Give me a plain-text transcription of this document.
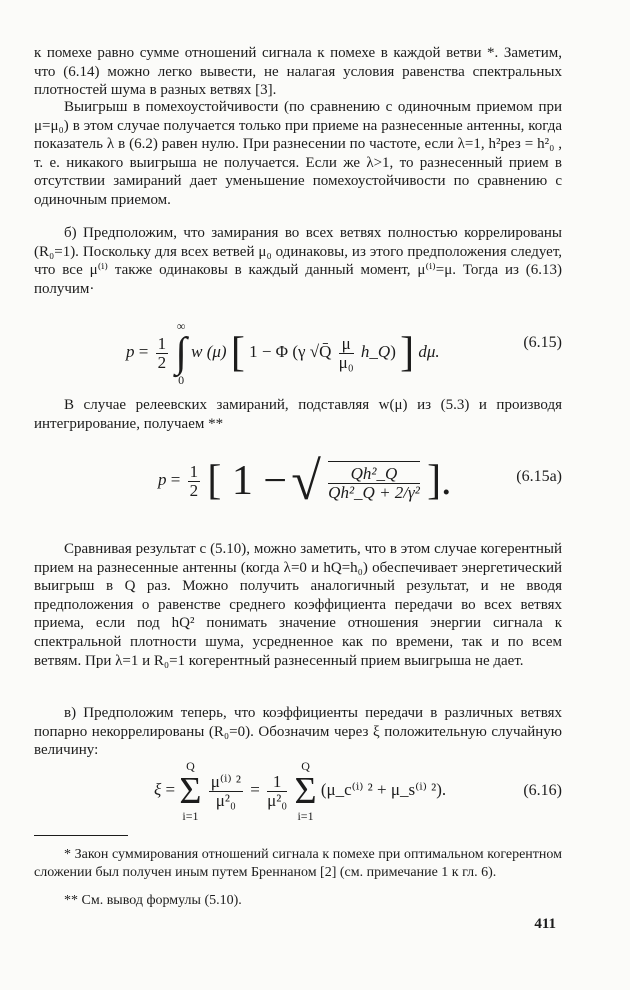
к помехе равно сумме отношений сигнала к помехе в каждой ветви *. Заметим, что (6.14) можно легко вывести, не налагая условия равенства спектральных плотностей шума в разных ветвях [3].

Выигрыш в помехоустойчивости (по сравнению с одиночным приемом при μ=μ₀) в этом случае получается только при приеме на разнесенные антенны, когда показатель λ в (6.2) равен нулю. При разнесении по частоте, если λ=1, h²рез = h²₀ , т. е. никакого выигрыша не получается. Если же λ>1, то разнесенный прием в отсутствии замираний дает уменьшение помехоустойчивости по сравнению с одиночным приемом.

б) Предположим, что замирания во всех ветвях полностью коррелированы (R₀=1). Поскольку для всех ветвей μ₀ одинаковы, из этого предположения следует, что все μ⁽ⁱ⁾ также одинаковы в каждый данный момент, μ⁽ⁱ⁾=μ. Тогда из (6.13) получим·

$p = \frac{1}{2}$

∞
∫
0
w (μ) [ 1 − Φ (γ √Q̄ $\frac{\mu}{\text{μ₀}}$ h_Q) ] dμ.	(6.15)

В случае релеевских замираний, подставляя w(μ) из (5.3) и производя интегрирование, получаем **

$p = \frac{1}{2}$ [ 1 − √ $\frac{\text{Qh²\_Q}}{\text{Qh²\_Q + 2/γ²}}$ ].	(6.15а)

Сравнивая результат с (5.10), можно заметить, что в этом случае когерентный прием на разнесенные антенны (когда λ=0 и hQ=h₀) обеспечивает энергетический выигрыш в Q раз. Можно получить аналогичный результат, и не вводя предположения о равенстве среднего коэффициента передачи во всех ветвях приема, если под hQ² понимать значение отношения энергии сигнала к спектральной плотности шума, усредненное как по времени, так и по всем ветвям. При λ=1 и R₀=1 когерентный разнесенный прием выигрыша не дает.

в) Предположим теперь, что коэффициенты передачи в различных ветвях попарно некоррелированы (R₀=0). Обозначим через ξ положительную случайную величину:

ξ =
Q
Σ
i=1

$\frac{\text{μ⁽ⁱ⁾ ²}}{\text{μ²₀}} = \frac{1}{\text{μ²₀}}$

Q
Σ
i=1
(μ_c⁽ⁱ⁾ ² + μ_s⁽ⁱ⁾ ²).	(6.16)

* Закон суммирования отношений сигнала к помехе при оптимальном когерентном сложении был получен иным путем Бреннаном [2] (см. примечание 1 к гл. 6).

** См. вывод формулы (5.10).

411
